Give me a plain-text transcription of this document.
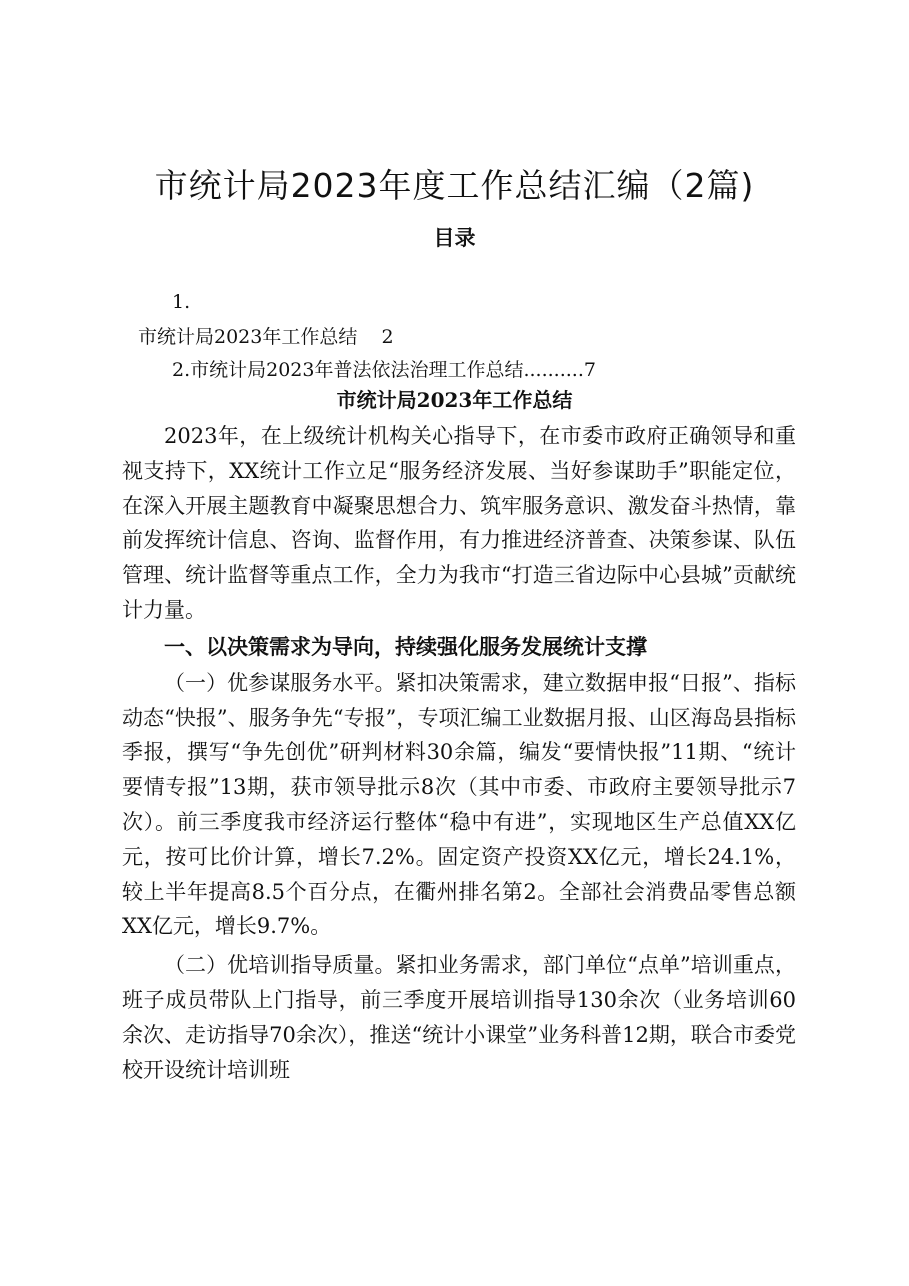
市统计局2023年度工作总结汇编（2篇)
目录
1.
市统计局2023年工作总结    2
2.市统计局2023年普法依法治理工作总结..........7
市统计局2023年工作总结

2023年，在上级统计机构关心指导下，在市委市政府正确领导和重视支持下，XX统计工作立足“服务经济发展、当好参谋助手”职能定位，在深入开展主题教育中凝聚思想合力、筑牢服务意识、激发奋斗热情，靠前发挥统计信息、咨询、监督作用，有力推进经济普查、决策参谋、队伍管理、统计监督等重点工作，全力为我市“打造三省边际中心县城”贡献统计力量。

一、以决策需求为导向，持续强化服务发展统计支撑

（一）优参谋服务水平。紧扣决策需求，建立数据申报“日报”、指标动态“快报”、服务争先“专报”，专项汇编工业数据月报、山区海岛县指标季报，撰写“争先创优”研判材料30余篇，编发“要情快报”11期、“统计要情专报”13期，获市领导批示8次（其中市委、市政府主要领导批示7次）。前三季度我市经济运行整体“稳中有进”，实现地区生产总值XX亿元，按可比价计算，增长7.2%。固定资产投资XX亿元，增长24.1%，较上半年提高8.5个百分点，在衢州排名第2。全部社会消费品零售总额XX亿元，增长9.7%。

（二）优培训指导质量。紧扣业务需求，部门单位“点单”培训重点，班子成员带队上门指导，前三季度开展培训指导130余次（业务培训60余次、走访指导70余次），推送“统计小课堂”业务科普12期，联合市委党校开设统计培训班
